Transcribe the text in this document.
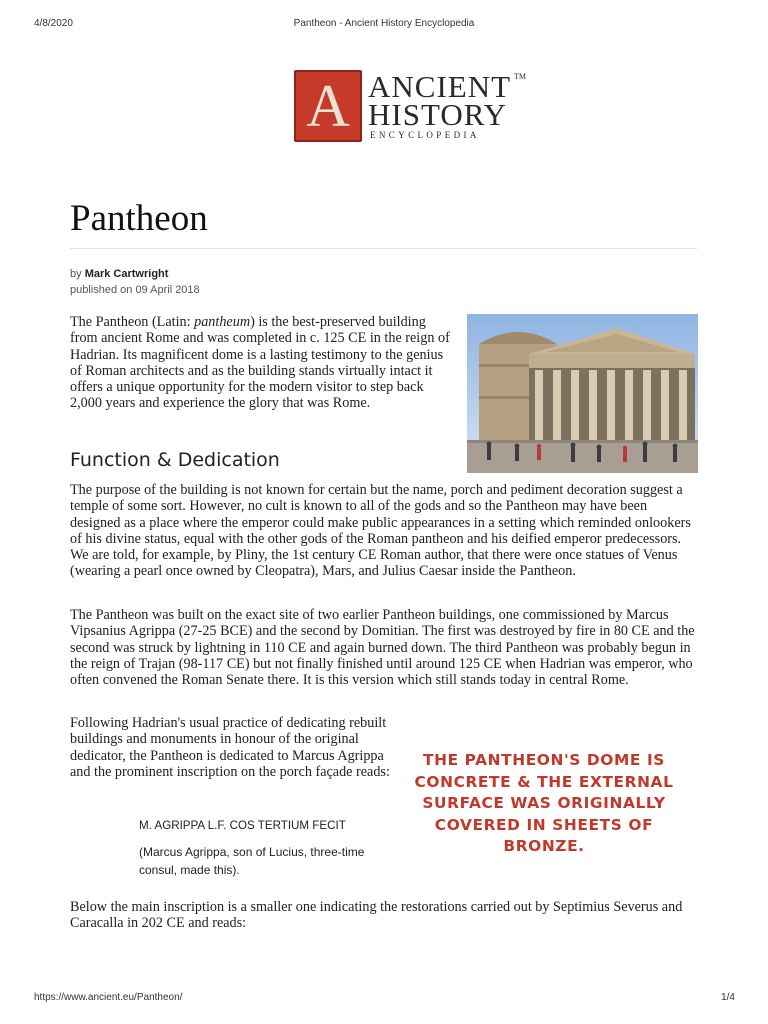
4/8/2020	Pantheon - Ancient History Encyclopedia
A ANCIENT TM
HISTORY
ENCYCLOPEDIA
Pantheon
by Mark Cartwright
published on 09 April 2018

The Pantheon (Latin: pantheum) is the best-preserved building from ancient Rome and was completed in c. 125 CE in the reign of Hadrian. Its magnificent dome is a lasting testimony to the genius of Roman architects and as the building stands virtually intact it offers a unique opportunity for the modern visitor to step back 2,000 years and experience the glory that was Rome.

Function & Dedication

The purpose of the building is not known for certain but the name, porch and pediment decoration suggest a temple of some sort. However, no cult is known to all of the gods and so the Pantheon may have been designed as a place where the emperor could make public appearances in a setting which reminded onlookers of his divine status, equal with the other gods of the Roman pantheon and his deified emperor predecessors. We are told, for example, by Pliny, the 1st century CE Roman author, that there were once statues of Venus (wearing a pearl once owned by Cleopatra), Mars, and Julius Caesar inside the Pantheon.

The Pantheon was built on the exact site of two earlier Pantheon buildings, one commissioned by Marcus Vipsanius Agrippa (27-25 BCE) and the second by Domitian. The first was destroyed by fire in 80 CE and the second was struck by lightning in 110 CE and again burned down. The third Pantheon was probably begun in the reign of Trajan (98-117 CE) but not finally finished until around 125 CE when Hadrian was emperor, who often convened the Roman Senate there. It is this version which still stands today in central Rome.

Following Hadrian's usual practice of dedicating rebuilt buildings and monuments in honour of the original dedicator, the Pantheon is dedicated to Marcus Agrippa and the prominent inscription on the porch façade reads:

M. AGRIPPA L.F. COS TERTIUM FECIT

(Marcus Agrippa, son of Lucius, three-time consul, made this).

THE PANTHEON'S DOME IS CONCRETE & THE EXTERNAL SURFACE WAS ORIGINALLY COVERED IN SHEETS OF BRONZE.

Below the main inscription is a smaller one indicating the restorations carried out by Septimius Severus and Caracalla in 202 CE and reads:

https://www.ancient.eu/Pantheon/	1/4
